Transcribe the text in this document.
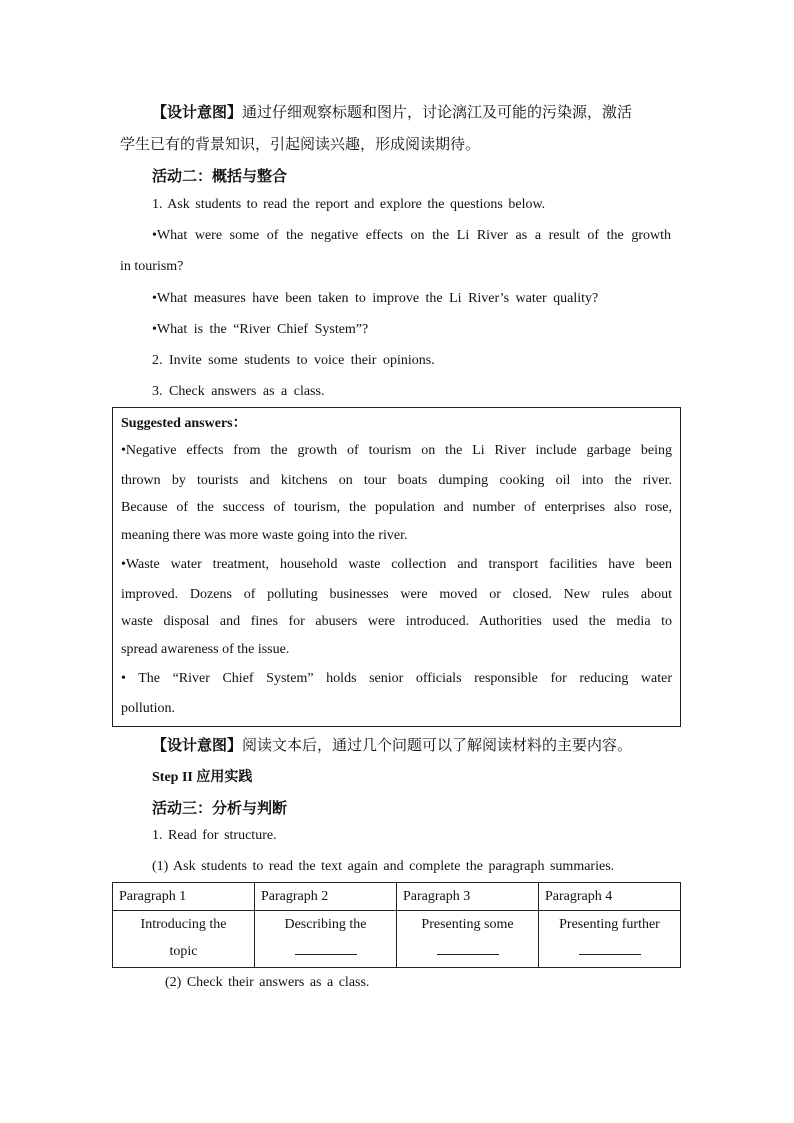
【设计意图】通过仔细观察标题和图片，讨论漓江及可能的污染源，激活
学生已有的背景知识，引起阅读兴趣，形成阅读期待。
活动二：概括与整合
1. Ask students to read the report and explore the questions below.
•What were some of the negative effects on the Li River as a result of the growth
in tourism?
•What measures have been taken to improve the Li River’s water quality?
•What is the “River Chief System”?
2. Invite some students to voice their opinions.
3. Check answers as a class.
Suggested answers：
•Negative effects from the growth of tourism on the Li River include garbage being
thrown by tourists and kitchens on tour boats dumping cooking oil into the river.
Because of the success of tourism, the population and number of enterprises also rose,
meaning there was more waste going into the river.
•Waste water treatment, household waste collection and transport facilities have been
improved. Dozens of polluting businesses were moved or closed. New rules about
waste disposal and fines for abusers were introduced. Authorities used the media to
spread awareness of the issue.
• The “River Chief System” holds senior officials responsible for reducing water
pollution.
【设计意图】阅读文本后，通过几个问题可以了解阅读材料的主要内容。
Step II 应用实践
活动三：分析与判断
1. Read for structure.
(1) Ask students to read the text again and complete the paragraph summaries.
Paragraph 1	Paragraph 2	Paragraph 3	Paragraph 4

Introducing the
topic	Describing the	Presenting some	Presenting further
(2) Check their answers as a class.
